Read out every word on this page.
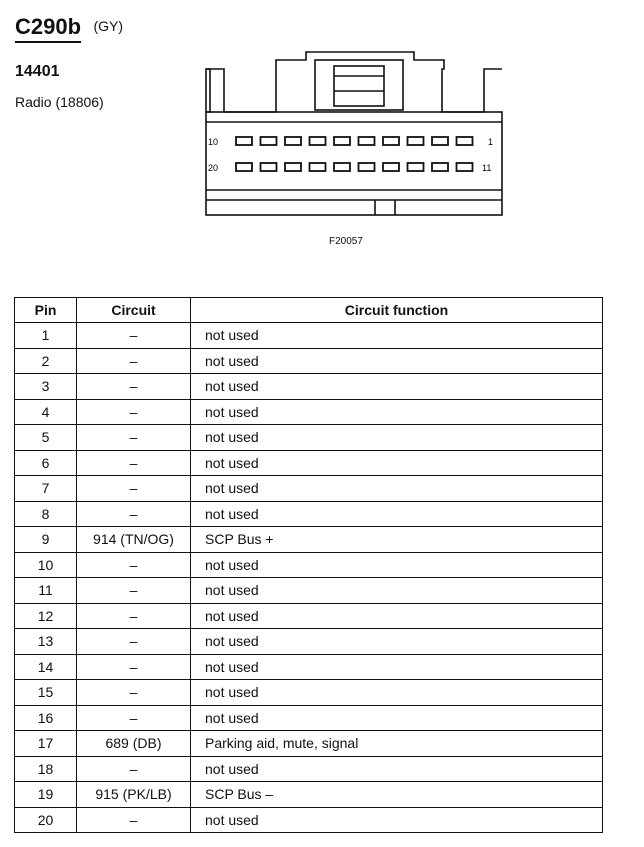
C290b (GY)
14401
Radio (18806)
10	1
20	11
F20057
Pin	Circuit	Circuit function
1	–	not used
2	–	not used
3	–	not used
4	–	not used
5	–	not used
6	–	not used
7	–	not used
8	–	not used
9	914 (TN/OG)	SCP Bus +
10	–	not used
11	–	not used
12	–	not used
13	–	not used
14	–	not used
15	–	not used
16	–	not used
17	689 (DB)	Parking aid, mute, signal
18	–	not used
19	915 (PK/LB)	SCP Bus –
20	–	not used
